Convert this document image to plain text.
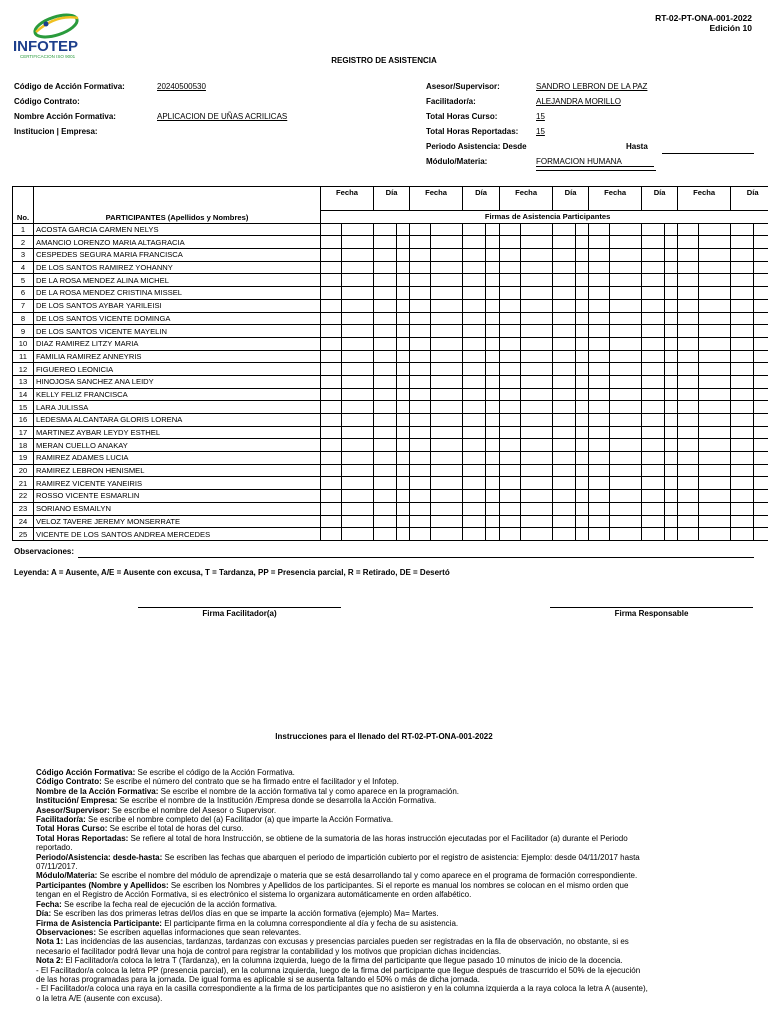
INFOTEP
CERTIFICACION ISO 9001
RT-02-PT-ONA-001-2022
Edición 10
REGISTRO DE ASISTENCIA
Código de Acción Formativa:	20240500530
Código Contrato:
Nombre Acción Formativa:	APLICACION DE UÑAS ACRILICAS
Institucion | Empresa:
Asesor/Supervisor:	SANDRO LEBRON DE LA PAZ
Facilitador/a:	ALEJANDRA MORILLO
Total Horas Curso:	15
Total Horas Reportadas: 15
Periodo Asistencia: Desde	Hasta
Módulo/Materia:	FORMACION HUMANA
No.	PARTICIPANTES (Apellidos y Nombres)	Fecha		Día		Fecha		Día		Fecha		Día		Fecha		Día		Fecha		Día	
		Firmas de Asistencia Participantes																			
1	ACOSTA GARCIA CARMEN NELYS																				
2	AMANCIO LORENZO MARIA ALTAGRACIA																				
3	CESPEDES SEGURA MARIA FRANCISCA																				
4	DE LOS SANTOS RAMIREZ YOHANNY																				
5	DE LA ROSA MENDEZ ALINA MICHEL																				
6	DE LA ROSA MENDEZ CRISTINA MISSEL																				
7	DE LOS SANTOS AYBAR YARILEISI																				
8	DE LOS SANTOS VICENTE DOMINGA																				
9	DE LOS SANTOS VICENTE MAYELIN																				
10	DIAZ RAMIREZ LITZY MARIA																				
11	FAMILIA RAMIREZ ANNEYRIS																				
12	FIGUEREO LEONICIA																				
13	HINOJOSA SANCHEZ ANA LEIDY																				
14	KELLY FELIZ FRANCISCA																				
15	LARA JULISSA																				
16	LEDESMA ALCANTARA GLORIS LORENA																				
17	MARTINEZ AYBAR LEYDY ESTHEL																				
18	MERAN CUELLO ANAKAY																				
19	RAMIREZ ADAMES LUCIA																				
20	RAMIREZ LEBRON HENISMEL																				
21	RAMIREZ VICENTE YANEIRIS																				
22	ROSSO VICENTE ESMARLIN																				
23	SORIANO ESMAILYN																				
24	VELOZ TAVERE JEREMY MONSERRATE																				
25	VICENTE DE LOS SANTOS ANDREA MERCEDES																				
Observaciones:
Leyenda: A = Ausente, A/E = Ausente con excusa, T = Tardanza, PP = Presencia parcial, R = Retirado, DE = Desertó
Firma Facilitador(a)	Firma Responsable
Instrucciones para el llenado del RT-02-PT-ONA-001-2022

Código Acción Formativa: Se escribe el código de la Acción Formativa.

Código Contrato: Se escribe el número del contrato que se ha firmado entre el facilitador y el Infotep.

Nombre de la Acción Formativa: Se escribe el nombre de la acción formativa tal y como aparece en la programación.

Institución/ Empresa: Se escribe el nombre de la Institución /Empresa donde se desarrolla la Acción Formativa.

Asesor/Supervisor: Se escribe el nombre del Asesor o Supervisor.

Facilitador/a: Se escribe el nombre completo del (a) Facilitador (a) que imparte la Acción Formativa.

Total Horas Curso: Se escribe el total de horas del curso.

Total Horas Reportadas: Se refiere al total de hora Instrucción, se obtiene de la sumatoria de las horas instrucción ejecutadas por el Facilitador (a) durante el Periodo reportado.

Periodo/Asistencia: desde-hasta: Se escriben las fechas que abarquen el periodo de impartición cubierto por el registro de asistencia: Ejemplo: desde 04/11/2017 hasta 07/11/2017.

Módulo/Materia: Se escribe el nombre del módulo de aprendizaje o materia que se está desarrollando tal y como aparece en el programa de formación correspondiente.

Participantes (Nombre y Apellidos: Se escriben los Nombres y Apellidos de los participantes. Si el reporte es manual los nombres se colocan en el mismo orden que tengan en el Registro de Acción Formativa, si es electrónico el sistema lo organizara automáticamente en orden alfabético.

Fecha: Se escribe la fecha real de ejecución de la acción formativa.

Día: Se escriben las dos primeras letras del/los días en que se imparte la acción formativa (ejemplo) Ma= Martes.

Firma de Asistencia Participante: El participante firma en la columna correspondiente al día y fecha de su asistencia.

Observaciones: Se escriben aquellas informaciones que sean relevantes.

Nota 1: Las incidencias de las ausencias, tardanzas, tardanzas con excusas y presencias parciales pueden ser registradas en la fila de observación, no obstante, si es necesario el facilitador podrá llevar una hoja de control para registrar la contabilidad y los motivos que propician dichas incidencias.

Nota 2: El Facilitador/a coloca la letra T (Tardanza), en la columna izquierda, luego de la firma del participante que llegue pasado 10 minutos de inicio de la docencia.

- El Facilitador/a coloca la letra PP (presencia parcial), en la columna izquierda, luego de la firma del participante que llegue después de trascurrido el 50% de la ejecución de las horas programadas para la jornada. De igual forma es aplicable si se ausenta faltando el 50% o más de dicha jornada.

- El Facilitador/a coloca una raya en la casilla correspondiente a la firma de los participantes que no asistieron y en la columna izquierda a la raya coloca la letra A (ausente), o la letra A/E (ausente con excusa).
